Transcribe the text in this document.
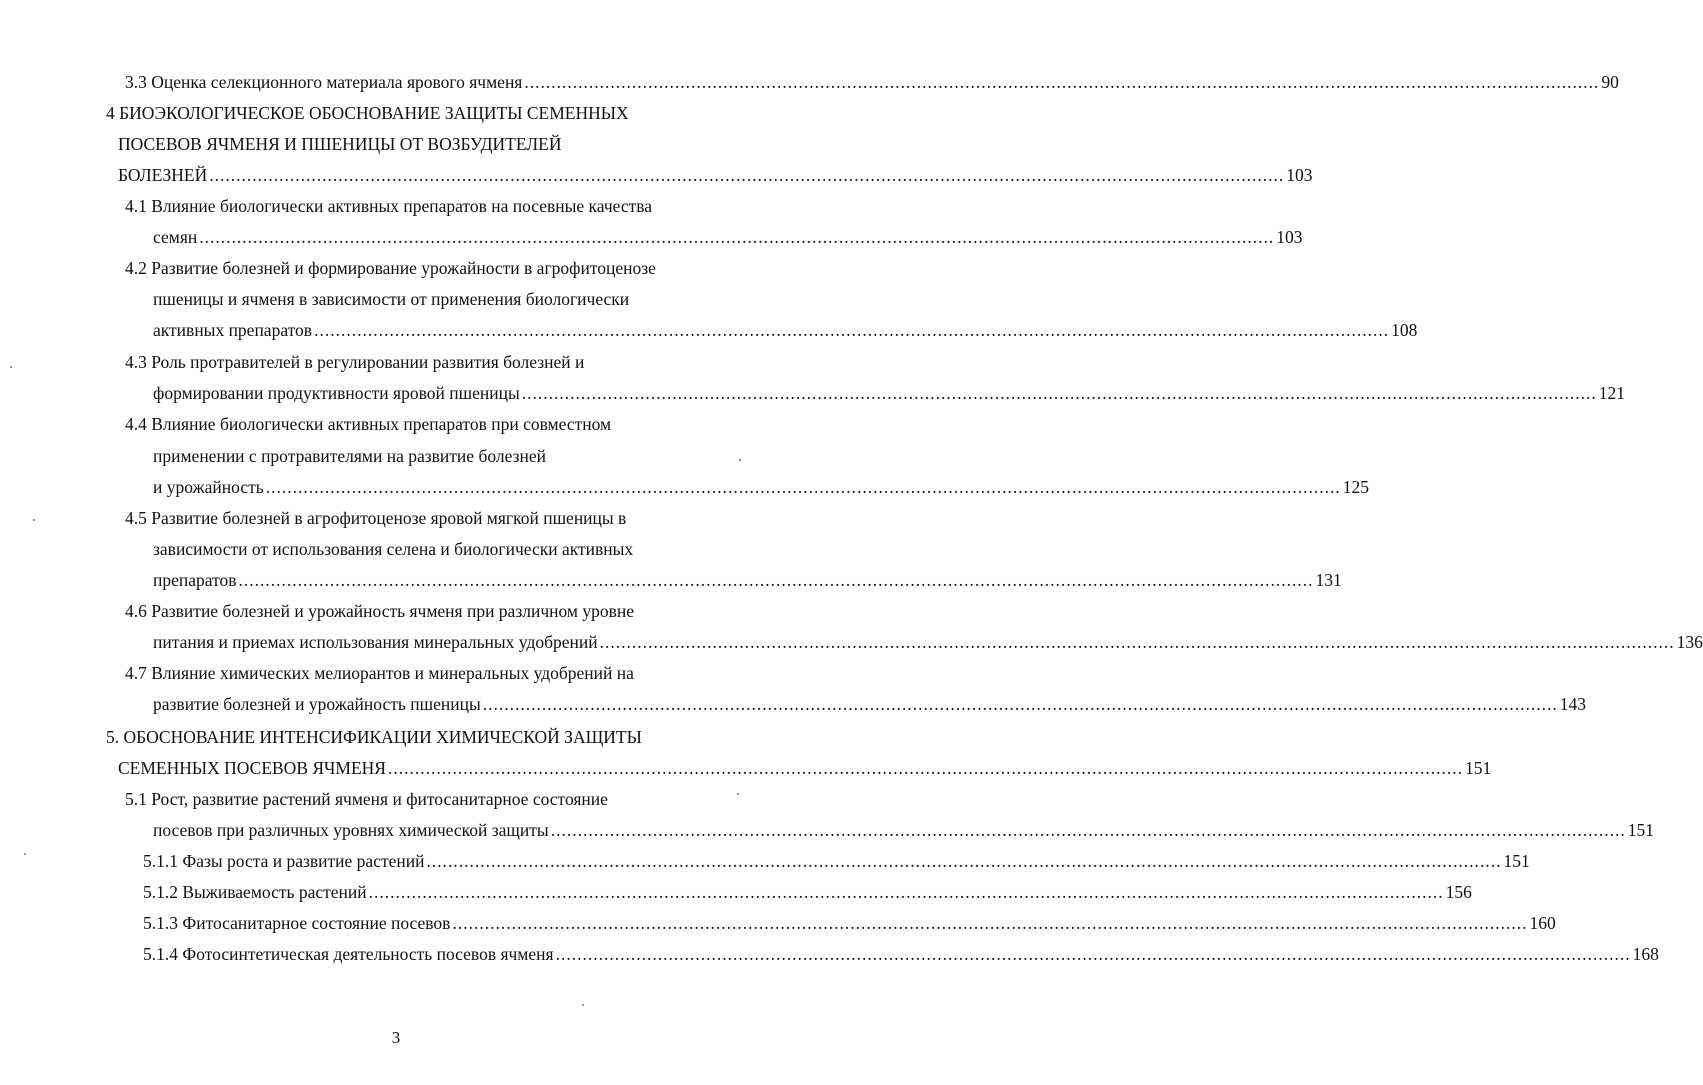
3.3 Оценка селекционного материала ярового ячменя ........................................................................................................................................................................................................ 90
4 БИОЭКОЛОГИЧЕСКОЕ ОБОСНОВАНИЕ ЗАЩИТЫ СЕМЕННЫХ
ПОСЕВОВ ЯЧМЕНЯ И ПШЕНИЦЫ ОТ ВОЗБУДИТЕЛЕЙ
БОЛЕЗНЕЙ ........................................................................................................................................................................................................ 103
4.1 Влияние биологически активных препаратов на посевные качества
семян ........................................................................................................................................................................................................ 103
4.2 Развитие болезней и формирование урожайности в агрофитоценозе
пшеницы и ячменя в зависимости от применения биологически
активных препаратов ........................................................................................................................................................................................................ 108
4.3 Роль протравителей в регулировании развития болезней и
формировании продуктивности яровой пшеницы ........................................................................................................................................................................................................ 121
4.4 Влияние биологически активных препаратов при совместном
применении с протравителями на развитие болезней
и урожайность ........................................................................................................................................................................................................ 125
4.5 Развитие болезней в агрофитоценозе яровой мягкой пшеницы в
зависимости от использования селена и биологически активных
препаратов ........................................................................................................................................................................................................ 131
4.6 Развитие болезней и урожайность ячменя при различном уровне
питания и приемах использования минеральных удобрений ........................................................................................................................................................................................................ 136
4.7 Влияние химических мелиорантов и минеральных удобрений на
развитие болезней и урожайность пшеницы ........................................................................................................................................................................................................ 143
5. ОБОСНОВАНИЕ ИНТЕНСИФИКАЦИИ ХИМИЧЕСКОЙ ЗАЩИТЫ
СЕМЕННЫХ ПОСЕВОВ ЯЧМЕНЯ ........................................................................................................................................................................................................ 151
5.1 Рост, развитие растений ячменя и фитосанитарное состояние
посевов при различных уровнях химической защиты ........................................................................................................................................................................................................ 151
5.1.1 Фазы роста и развитие растений ........................................................................................................................................................................................................ 151
5.1.2 Выживаемость растений ........................................................................................................................................................................................................ 156
5.1.3 Фитосанитарное состояние посевов ........................................................................................................................................................................................................ 160
5.1.4 Фотосинтетическая деятельность посевов ячменя ........................................................................................................................................................................................................ 168
3
